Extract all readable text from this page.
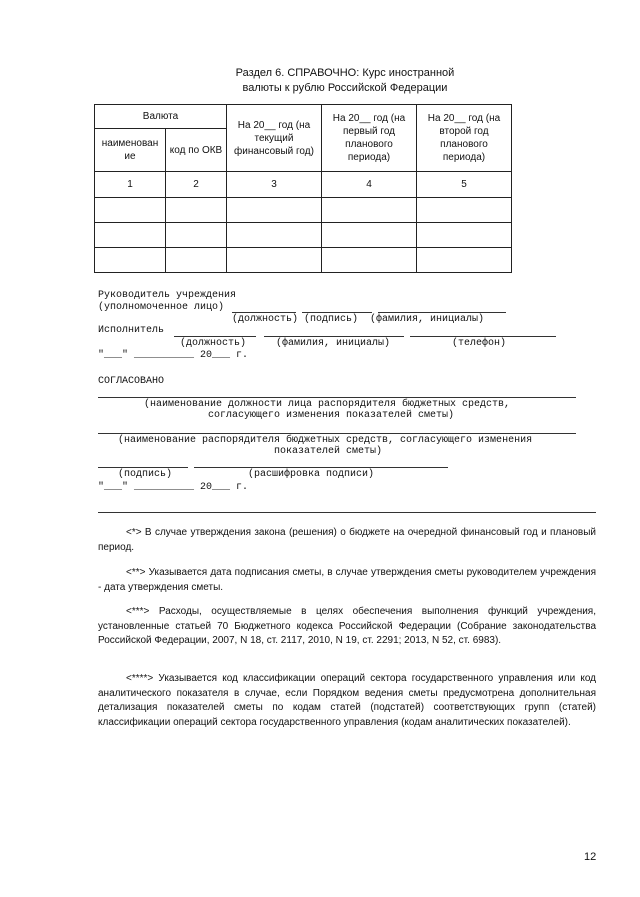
Раздел 6. СПРАВОЧНО: Курс иностранной
валюты к рублю Российской Федерации
Валюта		На 20__ год (на текущий финансовый год)	На 20__ год (на первый год планового периода)	На 20__ год (на второй год планового периода)
наименован ие	код по ОКВ			
1	2	3	4	5

Руководитель учреждения
(уполномоченное лицо)
(должность) (подпись)  (фамилия, инициалы)
Исполнитель
(должность)	(фамилия, инициалы)	(телефон)
"___" __________ 20___ г.
СОГЛАСОВАНО
(наименование должности лица распорядителя бюджетных средств,
согласующего изменения показателей сметы)
(наименование распорядителя бюджетных средств, согласующего изменения
показателей сметы)
(подпись)	(расшифровка подписи)
"___" __________ 20___ г.

<*> В случае утверждения закона (решения) о бюджете на очередной финансовый год и плановый период.

<**> Указывается дата подписания сметы, в случае утверждения сметы руководителем учреждения - дата утверждения сметы.

<***> Расходы, осуществляемые в целях обеспечения выполнения функций учреждения, установленные статьей 70 Бюджетного кодекса Российской Федерации (Собрание законодательства Российской Федерации, 2007, N 18, ст. 2117, 2010, N 19, ст. 2291; 2013, N 52, ст. 6983).

<****> Указывается код классификации операций сектора государственного управления или код аналитического показателя в случае, если Порядком ведения сметы предусмотрена дополнительная детализация показателей сметы по кодам статей (подстатей) соответствующих групп (статей) классификации операций сектора государственного управления (кодам аналитических показателей).

12
